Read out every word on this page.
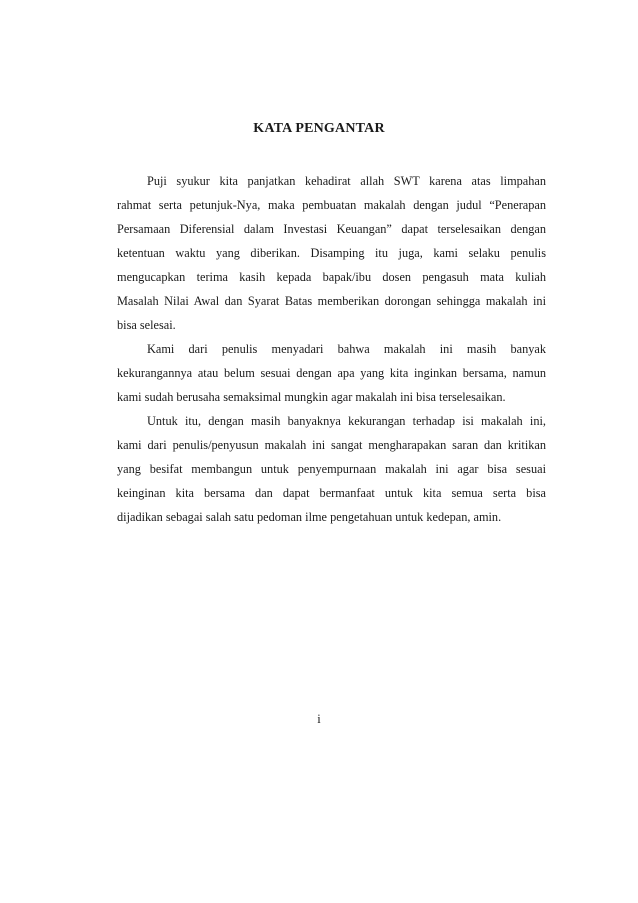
KATA PENGANTAR

Puji syukur kita panjatkan kehadirat allah SWT karena atas limpahan
rahmat serta petunjuk-Nya, maka pembuatan makalah dengan judul “Penerapan
Persamaan Diferensial dalam Investasi Keuangan” dapat terselesaikan dengan
ketentuan waktu yang diberikan. Disamping itu juga, kami selaku penulis
mengucapkan terima kasih kepada bapak/ibu dosen pengasuh mata kuliah
Masalah Nilai Awal dan Syarat Batas memberikan dorongan sehingga makalah ini
bisa selesai.

Kami dari penulis menyadari bahwa makalah ini masih banyak
kekurangannya atau belum sesuai dengan apa yang kita inginkan bersama, namun
kami sudah berusaha semaksimal mungkin agar makalah ini bisa terselesaikan.

Untuk itu, dengan masih banyaknya kekurangan terhadap isi makalah ini,
kami dari penulis/penyusun makalah ini sangat mengharapakan saran dan kritikan
yang besifat membangun untuk penyempurnaan makalah ini agar bisa sesuai
keinginan kita bersama dan dapat bermanfaat untuk kita semua serta bisa
dijadikan sebagai salah satu pedoman ilme pengetahuan untuk kedepan, amin.

i
